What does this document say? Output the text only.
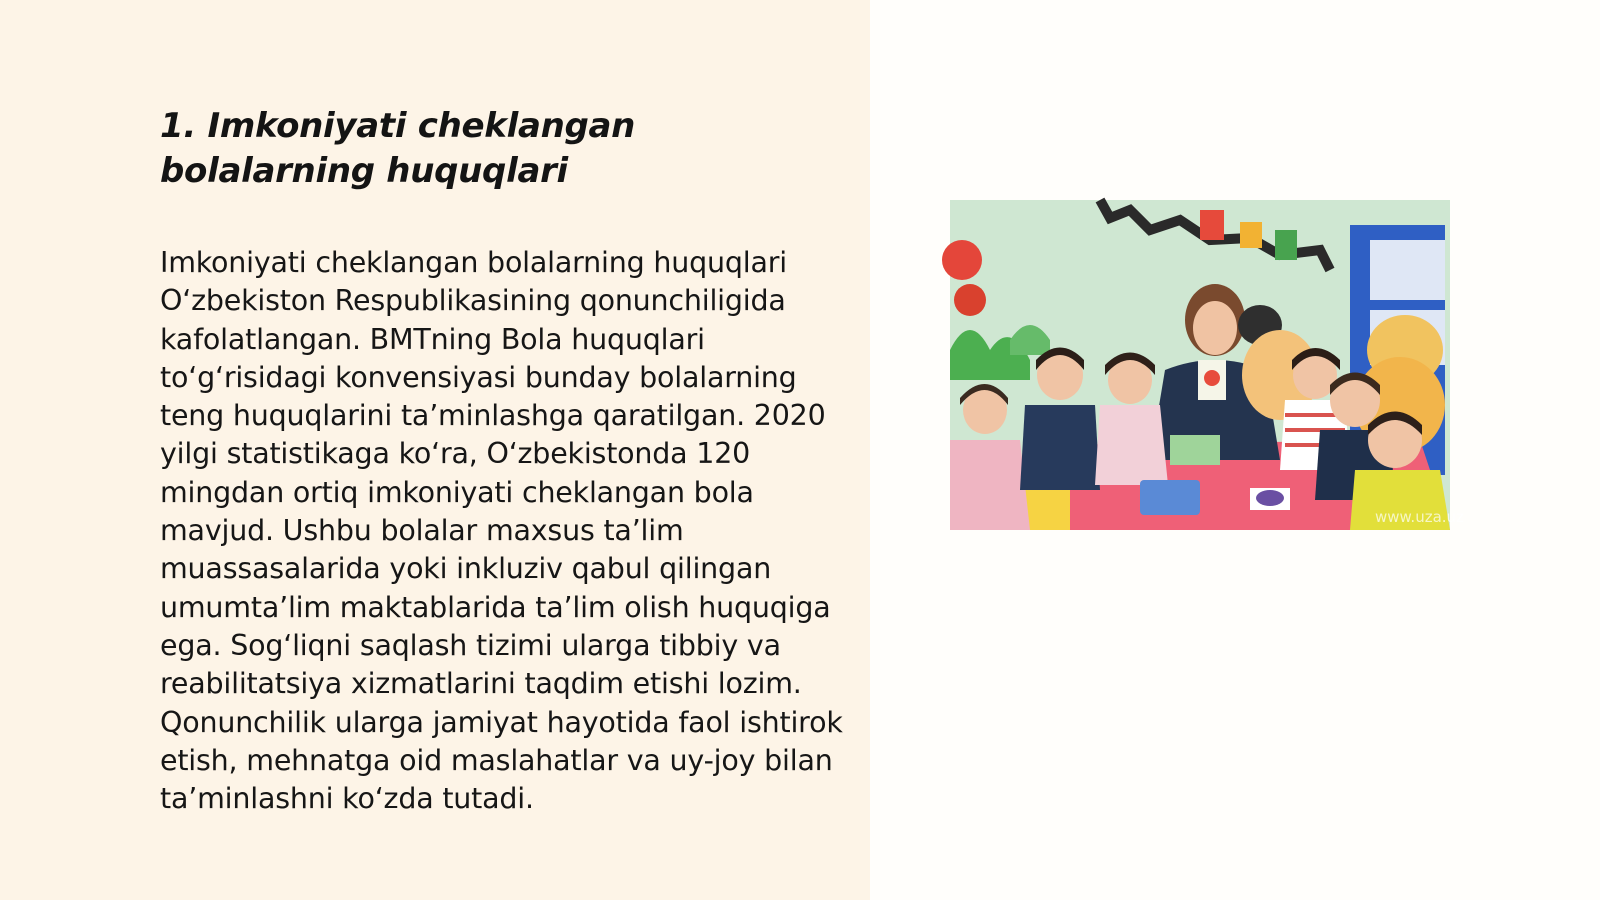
1. Imkoniyati cheklangan bolalarning huquqlari

Imkoniyati cheklangan bolalarning huquqlari O‘zbekiston Respublikasining qonunchiligida kafolatlangan. BMTning Bola huquqlari to‘g‘risidagi konvensiyasi bunday bolalarning teng huquqlarini ta’minlashga qaratilgan. 2020 yilgi statistikaga ko‘ra, O‘zbekistonda 120 mingdan ortiq imkoniyati cheklangan bola mavjud. Ushbu bolalar maxsus ta’lim muassasalarida yoki inkluziv qabul qilingan umumta’lim maktablarida ta’lim olish huquqiga ega. Sog‘liqni saqlash tizimi ularga tibbiy va reabilitatsiya xizmatlarini taqdim etishi lozim. Qonunchilik ularga jamiyat hayotida faol ishtirok etish, mehnatga oid maslahatlar va uy-joy bilan ta’minlashni ko‘zda tutadi.

www.uza.uz
